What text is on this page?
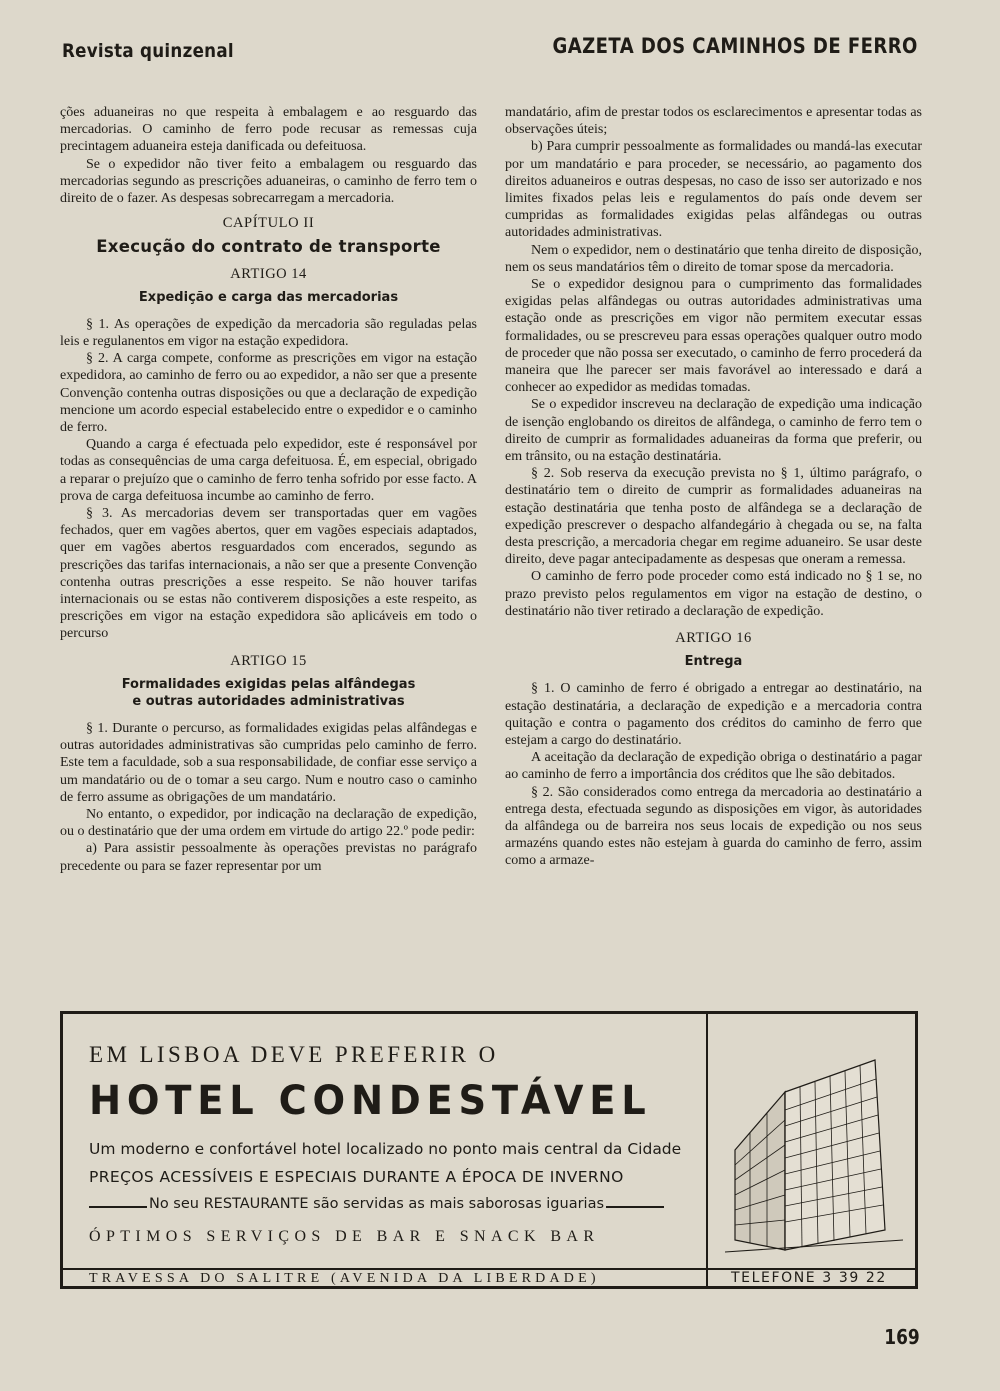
Revista quinzenal	GAZETA DOS CAMINHOS DE FERRO

ções aduaneiras no que respeita à embalagem e ao resguardo das mercadorias. O caminho de ferro pode recusar as remessas cuja precintagem aduaneira esteja danificada ou defeituosa.

Se o expedidor não tiver feito a embalagem ou resguardo das mercadorias segundo as prescrições aduaneiras, o caminho de ferro tem o direito de o fazer. As despesas sobrecarregam a mercadoria.

CAPÍTULO II
Execução do contrato de transporte
ARTIGO 14
Expedição e carga das mercadorias

§ 1. As operações de expedição da mercadoria são reguladas pelas leis e regulanentos em vigor na estação expedidora.

§ 2. A carga compete, conforme as prescrições em vigor na estação expedidora, ao caminho de ferro ou ao expedidor, a não ser que a presente Convenção contenha outras disposições ou que a declaração de expedição mencione um acordo especial estabelecido entre o expedidor e o caminho de ferro.

Quando a carga é efectuada pelo expedidor, este é responsável por todas as consequências de uma carga defeituosa. É, em especial, obrigado a reparar o prejuízo que o caminho de ferro tenha sofrido por esse facto. A prova de carga defeituosa incumbe ao caminho de ferro.

§ 3. As mercadorias devem ser transportadas quer em vagões fechados, quer em vagões abertos, quer em vagões especiais adaptados, quer em vagões abertos resguardados com encerados, segundo as prescrições das tarifas internacionais, a não ser que a presente Convenção contenha outras prescrições a esse respeito. Se não houver tarifas internacionais ou se estas não contiverem disposições a este respeito, as prescrições em vigor na estação expedidora são aplicáveis em todo o percurso

ARTIGO 15
Formalidades exigidas pelas alfândegas
e outras autoridades administrativas

§ 1. Durante o percurso, as formalidades exigidas pelas alfândegas e outras autoridades administrativas são cumpridas pelo caminho de ferro. Este tem a faculdade, sob a sua responsabilidade, de confiar esse serviço a um mandatário ou de o tomar a seu cargo. Num e noutro caso o caminho de ferro assume as obrigações de um mandatário.

No entanto, o expedidor, por indicação na declaração de expedição, ou o destinatário que der uma ordem em virtude do artigo 22.º pode pedir:

a) Para assistir pessoalmente às operações previstas no parágrafo precedente ou para se fazer representar por um

mandatário, afim de prestar todos os esclarecimentos e apresentar todas as observações úteis;

b) Para cumprir pessoalmente as formalidades ou mandá-las executar por um mandatário e para proceder, se necessário, ao pagamento dos direitos aduaneiros e outras despesas, no caso de isso ser autorizado e nos limites fixados pelas leis e regulamentos do país onde devem ser cumpridas as formalidades exigidas pelas alfândegas ou outras autoridades administrativas.

Nem o expedidor, nem o destinatário que tenha direito de disposição, nem os seus mandatários têm o direito de tomar sposе da mercadoria.

Se o expedidor designou para o cumprimento das formalidades exigidas pelas alfândegas ou outras autoridades administrativas uma estação onde as prescrições em vigor não permitem executar essas formalidades, ou se prescreveu para essas operações qualquer outro modo de proceder que não possa ser executado, o caminho de ferro procederá da maneira que lhe parecer ser mais favorável ao interessado e dará a conhecer ao expedidor as medidas tomadas.

Se o expedidor inscreveu na declaração de expedição uma indicação de isenção englobando os direitos de alfândega, o caminho de ferro tem o direito de cumprir as formalidades aduaneiras da forma que preferir, ou em trânsito, ou na estação destinatária.

§ 2. Sob reserva da execução prevista no § 1, último parágrafo, o destinatário tem o direito de cumprir as formalidades aduaneiras na estação destinatária que tenha posto de alfândega se a declaração de expedição prescrever o despacho alfandegário à chegada ou se, na falta desta prescrição, a mercadoria chegar em regime aduaneiro. Se usar deste direito, deve pagar antecipadamente as despesas que oneram a remessa.

O caminho de ferro pode proceder como está indicado no § 1 se, no prazo previsto pelos regulamentos em vigor na estação de destino, o destinatário não tiver retirado a declaração de expedição.

ARTIGO 16
Entrega

§ 1. O caminho de ferro é obrigado a entregar ao destinatário, na estação destinatária, a declaração de expedição e a mercadoria contra quitação e contra o pagamento dos créditos do caminho de ferro que estejam a cargo do destinatário.

A aceitação da declaração de expedição obriga o destinatário a pagar ao caminho de ferro a importância dos créditos que lhe são debitados.

§ 2. São considerados como entrega da mercadoria ao destinatário a entrega desta, efectuada segundo as disposições em vigor, às autoridades da alfândega ou de barreira nos seus locais de expedição ou nos seus armazéns quando estes não estejam à guarda do caminho de ferro, assim como a armaze-

EM LISBOA DEVE PREFERIR O
HOTEL CONDESTÁVEL
Um moderno e confortável hotel localizado no ponto mais central da Cidade
PREÇOS ACESSÍVEIS E ESPECIAIS DURANTE A ÉPOCA DE INVERNO
No seu RESTAURANTE são servidas as mais saborosas iguarias
ÓPTIMOS SERVIÇOS DE BAR E SNACK BAR
TRAVESSA DO SALITRE (AVENIDA DA LIBERDADE)	TELEFONE 3 39 22
169
